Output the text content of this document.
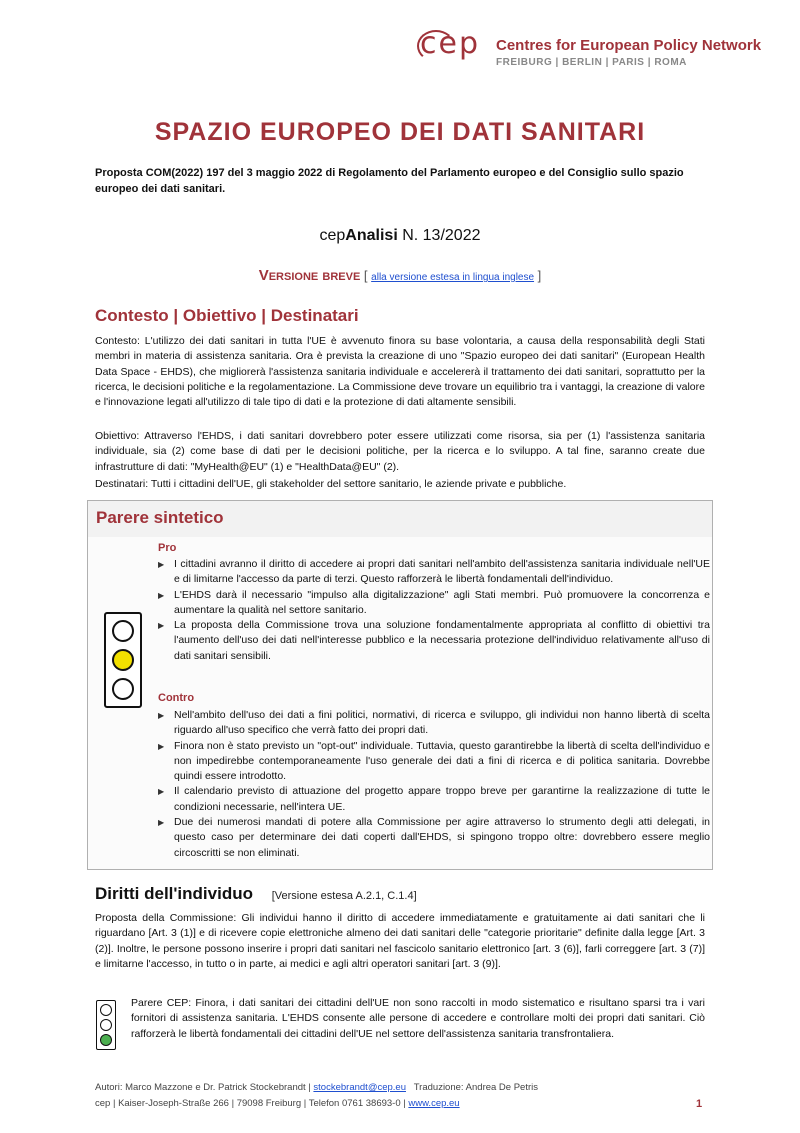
cep Centres for European Policy Network
FREIBURG | BERLIN | PARIS | ROMA
SPAZIO EUROPEO DEI DATI SANITARI
Proposta COM(2022) 197 del 3 maggio 2022 di Regolamento del Parlamento europeo e del Consiglio sullo spazio europeo dei dati sanitari.
cepAnalisi N. 13/2022
Versione breve [ alla versione estesa in lingua inglese ]
Contesto | Obiettivo | Destinatari
Contesto: L'utilizzo dei dati sanitari in tutta l'UE è avvenuto finora su base volontaria, a causa della responsabilità degli Stati membri in materia di assistenza sanitaria. Ora è prevista la creazione di uno "Spazio europeo dei dati sanitari" (European Health Data Space - EHDS), che migliorerà l'assistenza sanitaria individuale e accelererà il trattamento dei dati sanitari, soprattutto per la ricerca, le decisioni politiche e la regolamentazione. La Commissione deve trovare un equilibrio tra i vantaggi, la creazione di valore e l'innovazione legati all'utilizzo di tale tipo di dati e la protezione di dati altamente sensibili.
Obiettivo: Attraverso l'EHDS, i dati sanitari dovrebbero poter essere utilizzati come risorsa, sia per (1) l'assistenza sanitaria individuale, sia (2) come base di dati per le decisioni politiche, per la ricerca e lo sviluppo. A tal fine, saranno create due infrastrutture di dati: "MyHealth@EU" (1) e "HealthData@EU" (2).
Destinatari: Tutti i cittadini dell'UE, gli stakeholder del settore sanitario, le aziende private e pubbliche.
Parere sintetico
Pro
▶ I cittadini avranno il diritto di accedere ai propri dati sanitari nell'ambito dell'assistenza sanitaria individuale nell'UE e di limitarne l'accesso da parte di terzi. Questo rafforzerà le libertà fondamentali dell'individuo.
▶ L'EHDS darà il necessario "impulso alla digitalizzazione" agli Stati membri. Può promuovere la concorrenza e aumentare la qualità nel settore sanitario.
▶ La proposta della Commissione trova una soluzione fondamentalmente appropriata al conflitto di obiettivi tra l'aumento dell'uso dei dati nell'interesse pubblico e la necessaria protezione dell'individuo relativamente all'uso di dati sanitari sensibili.
Contro
▶ Nell'ambito dell'uso dei dati a fini politici, normativi, di ricerca e sviluppo, gli individui non hanno libertà di scelta riguardo all'uso specifico che verrà fatto dei propri dati.
▶ Finora non è stato previsto un "opt-out" individuale. Tuttavia, questo garantirebbe la libertà di scelta dell'individuo e non impedirebbe contemporaneamente l'uso generale dei dati a fini di ricerca e di politica sanitaria. Dovrebbe quindi essere introdotto.
▶ Il calendario previsto di attuazione del progetto appare troppo breve per garantirne la realizzazione di tutte le condizioni necessarie, nell'intera UE.
▶ Due dei numerosi mandati di potere alla Commissione per agire attraverso lo strumento degli atti delegati, in questo caso per determinare dei dati coperti dall'EHDS, si spingono troppo oltre: dovrebbero essere meglio circoscritti se non eliminati.
Diritti dell'individuo [Versione estesa A.2.1, C.1.4]
Proposta della Commissione: Gli individui hanno il diritto di accedere immediatamente e gratuitamente ai dati sanitari che li riguardano [Art. 3 (1)] e di ricevere copie elettroniche almeno dei dati sanitari delle "categorie prioritarie" definite dalla legge [Art. 3 (2)]. Inoltre, le persone possono inserire i propri dati sanitari nel fascicolo sanitario elettronico [art. 3 (6)], farli correggere [art. 3 (7)] e limitarne l'accesso, in tutto o in parte, ai medici e agli altri operatori sanitari [art. 3 (9)].
Parere CEP: Finora, i dati sanitari dei cittadini dell'UE non sono raccolti in modo sistematico e risultano sparsi tra i vari fornitori di assistenza sanitaria. L'EHDS consente alle persone di accedere e controllare molti dei propri dati sanitari. Ciò rafforzerà le libertà fondamentali dei cittadini dell'UE nel settore dell'assistenza sanitaria transfrontaliera.
Autori: Marco Mazzone e Dr. Patrick Stockebrandt | stockebrandt@cep.eu   Traduzione: Andrea De Petris
cep | Kaiser-Joseph-Straße 266 | 79098 Freiburg | Telefon 0761 38693-0 | www.cep.eu	1
